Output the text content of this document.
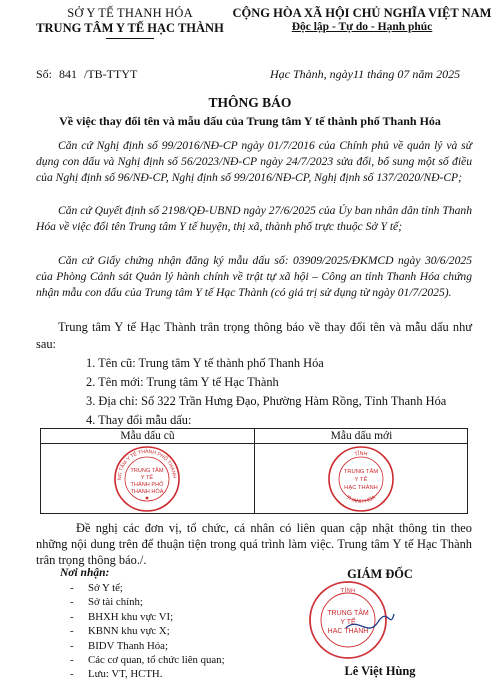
SỞ Y TẾ THANH HÓA
TRUNG TÂM Y TẾ HẠC THÀNH
CỘNG HÒA XÃ HỘI CHỦ NGHĨA VIỆT NAM
Độc lập - Tự do - Hạnh phúc
Số: 841 /TB-TTYT	Hạc Thành, ngày11 tháng 07 năm 2025
THÔNG BÁO
Về việc thay đổi tên và mẫu dấu của Trung tâm Y tế thành phố Thanh Hóa
Căn cứ Nghị định số 99/2016/NĐ-CP ngày 01/7/2016 của Chính phủ về quản lý và sử dụng con dấu và Nghị định số 56/2023/NĐ-CP ngày 24/7/2023 sửa đổi, bổ sung một số điều của Nghị định số 96/NĐ-CP, Nghị định số 99/2016/NĐ-CP, Nghị định số 137/2020/NĐ-CP;
Căn cứ Quyết định số 2198/QĐ-UBND ngày 27/6/2025 của Ủy ban nhân dân tỉnh Thanh Hóa về việc đổi tên Trung tâm Y tế huyện, thị xã, thành phố trực thuộc Sở Y tế;
Căn cứ Giấy chứng nhận đăng ký mẫu dấu số: 03909/2025/ĐKMCD ngày 30/6/2025 của Phòng Cảnh sát Quản lý hành chính về trật tự xã hội – Công an tỉnh Thanh Hóa chứng nhận mẫu con dấu của Trung tâm Y tế Hạc Thành (có giá trị sử dụng từ ngày 01/7/2025).
Trung tâm Y tế Hạc Thành trân trọng thông báo về thay đổi tên và mẫu dấu như sau:
1. Tên cũ: Trung tâm Y tế thành phố Thanh Hóa
2. Tên mới: Trung tâm Y tế Hạc Thành
3. Địa chỉ: Số 322 Trần Hưng Đạo, Phường Hàm Rồng, Tỉnh Thanh Hóa
4. Thay đổi mẫu dấu:
Mẫu dấu cũ	Mẫu dấu mới
NG TÂM Y TẾ THÀNH PHỐ THANH
TRUNG TÂM
Y TẾ
THÀNH PHỐ
THANH HÓA
TỈNH
THANH HÓA
TRUNG TÂM
Y TẾ
HẠC THÀNH
Đề nghị các đơn vị, tổ chức, cá nhân có liên quan cập nhật thông tin theo những nội dung trên để thuận tiện trong quá trình làm việc. Trung tâm Y tế Hạc Thành trân trọng thông báo./.
Nơi nhận:
- Sở Y tế;
- Sở tài chính;
- BHXH khu vực VI;
- KBNN khu vực X;
- BIDV Thanh Hóa;
- Các cơ quan, tổ chức liên quan;
- Lưu: VT, HCTH.
GIÁM ĐỐC
TỈNH
TRUNG TÂM
Y TẾ
HẠC THÀNH
Lê Việt Hùng
